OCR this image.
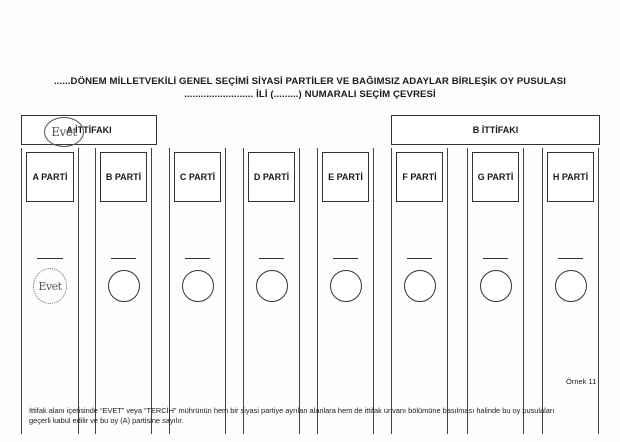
......DÖNEM MİLLETVEKİLİ GENEL SEÇİMİ SİYASİ PARTİLER VE BAĞIMSIZ ADAYLAR BİRLEŞİK OY PUSULASI
......................... İLİ (.........) NUMARALI SEÇİM ÇEVRESİ
A PARTİ
Evet
A İTTİFAKI
Evet
B PARTİ	C PARTİ	D PARTİ	E PARTİ
B İTTİFAKI
F PARTİ	G PARTİ	H PARTİ
Örnek 11
İttifak alanı içerisinde “EVET” veya “TERCİH” mührünün hem bir siyasi partiye ayrılan alanlara hem de ittifak unvanı bölümüne basılması halinde bu oy pusulaları
geçerli kabul edilir ve bu oy (A) partisine sayılır.
